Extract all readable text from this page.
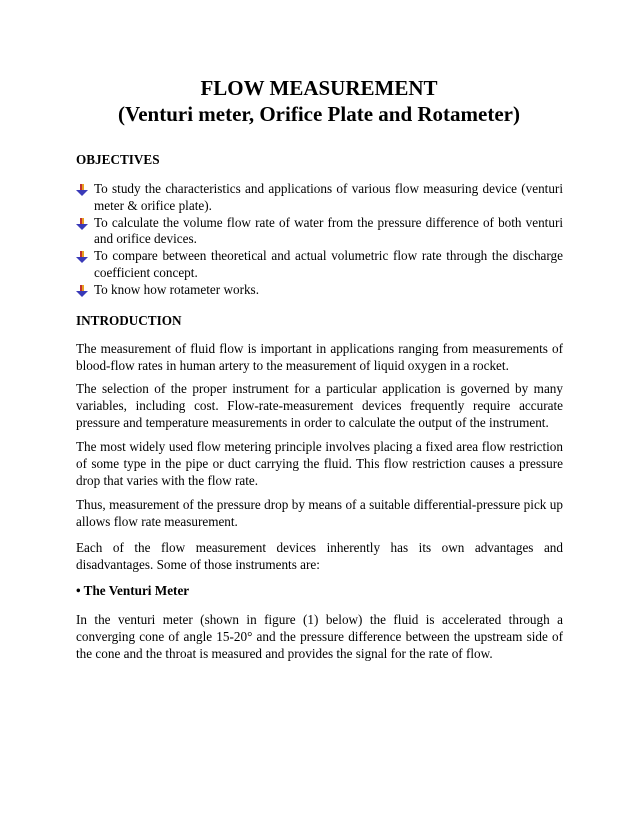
FLOW MEASUREMENT
(Venturi meter, Orifice Plate and Rotameter)
OBJECTIVES
To study the characteristics and applications of various flow measuring device (venturi meter & orifice plate).
To calculate the volume flow rate of water from the pressure difference of both venturi and orifice devices.
To compare between theoretical and actual volumetric flow rate through the discharge coefficient concept.
To know how rotameter works.
INTRODUCTION
The measurement of fluid flow is important in applications ranging from measurements of blood-flow rates in human artery to the measurement of liquid oxygen in a rocket.
The selection of the proper instrument for a particular application is governed by many variables, including cost. Flow-rate-measurement devices frequently require accurate pressure and temperature measurements in order to calculate the output of the instrument.
The most widely used flow metering principle involves placing a fixed area flow restriction of some type in the pipe or duct carrying the fluid. This flow restriction causes a pressure drop that varies with the flow rate.
Thus, measurement of the pressure drop by means of a suitable differential-pressure pick up allows flow rate measurement.
Each of the flow measurement devices inherently has its own advantages and disadvantages. Some of those instruments are:
• The Venturi Meter
In the venturi meter (shown in figure (1) below) the fluid is accelerated through a converging cone of angle 15-20° and the pressure difference between the upstream side of the cone and the throat is measured and provides the signal for the rate of flow.
